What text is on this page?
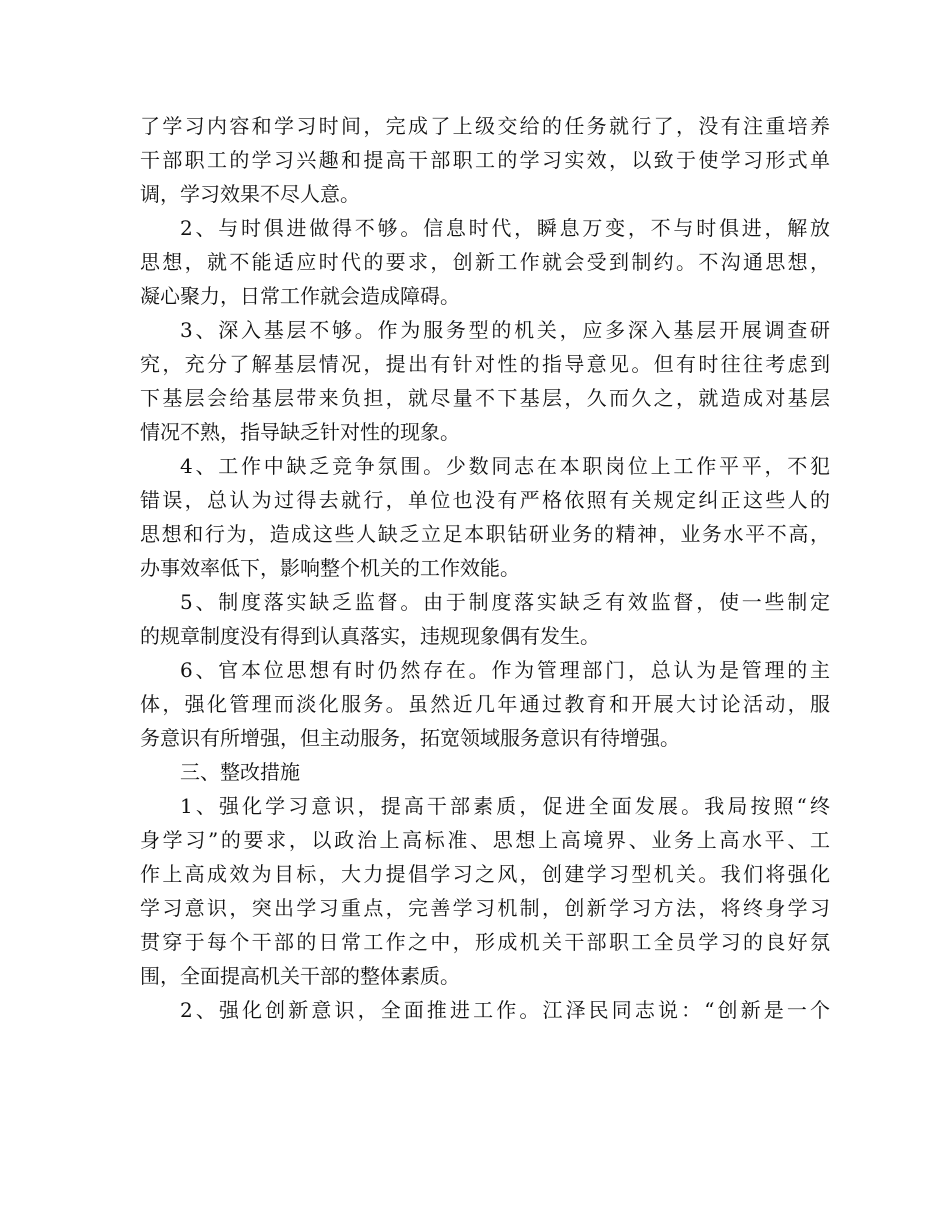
了学习内容和学习时间，完成了上级交给的任务就行了，没有注重培养
干部职工的学习兴趣和提高干部职工的学习实效，以致于使学习形式单
调，学习效果不尽人意。
2、与时俱进做得不够。信息时代，瞬息万变，不与时俱进，解放
思想，就不能适应时代的要求，创新工作就会受到制约。不沟通思想，
凝心聚力，日常工作就会造成障碍。
3、深入基层不够。作为服务型的机关，应多深入基层开展调查研
究，充分了解基层情况，提出有针对性的指导意见。但有时往往考虑到
下基层会给基层带来负担，就尽量不下基层，久而久之，就造成对基层
情况不熟，指导缺乏针对性的现象。
4、工作中缺乏竞争氛围。少数同志在本职岗位上工作平平，不犯
错误，总认为过得去就行，单位也没有严格依照有关规定纠正这些人的
思想和行为，造成这些人缺乏立足本职钻研业务的精神，业务水平不高，
办事效率低下，影响整个机关的工作效能。
5、制度落实缺乏监督。由于制度落实缺乏有效监督，使一些制定
的规章制度没有得到认真落实，违规现象偶有发生。
6、官本位思想有时仍然存在。作为管理部门，总认为是管理的主
体，强化管理而淡化服务。虽然近几年通过教育和开展大讨论活动，服
务意识有所增强，但主动服务，拓宽领域服务意识有待增强。
三、整改措施
1、强化学习意识，提高干部素质，促进全面发展。我局按照“终
身学习”的要求，以政治上高标准、思想上高境界、业务上高水平、工
作上高成效为目标，大力提倡学习之风，创建学习型机关。我们将强化
学习意识，突出学习重点，完善学习机制，创新学习方法，将终身学习
贯穿于每个干部的日常工作之中，形成机关干部职工全员学习的良好氛
围，全面提高机关干部的整体素质。
2、强化创新意识，全面推进工作。江泽民同志说：“创新是一个
